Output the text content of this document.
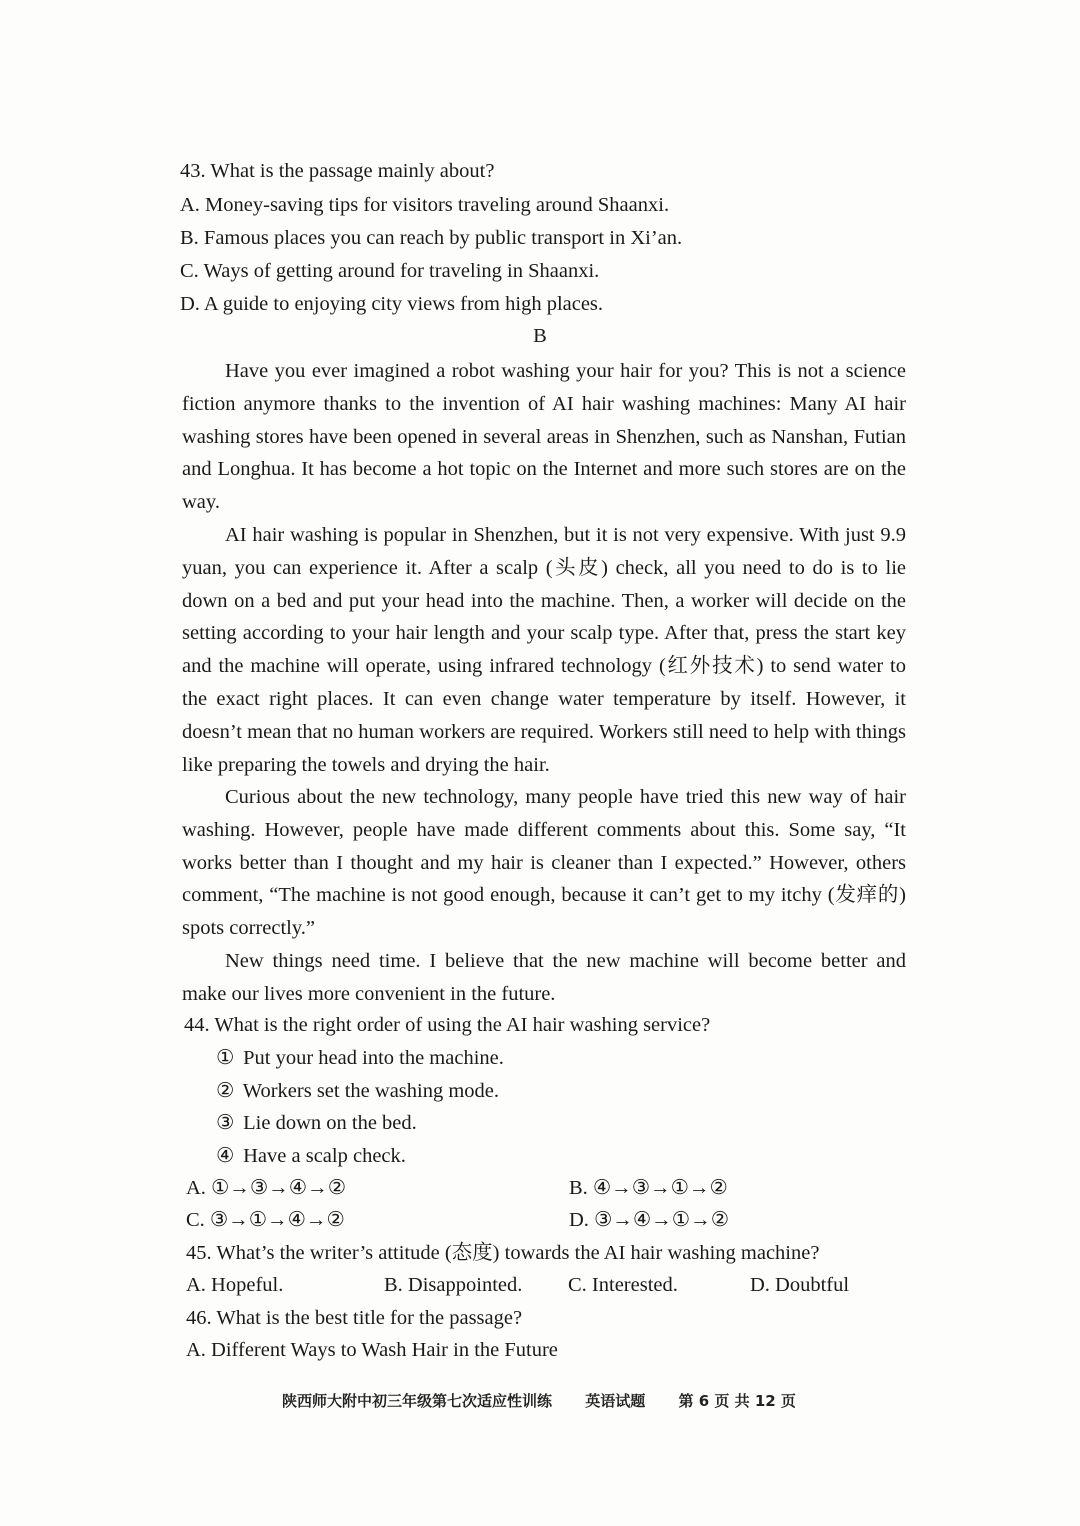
43. What is the passage mainly about?
A. Money-saving tips for visitors traveling around Shaanxi.
B. Famous places you can reach by public transport in Xi’an.
C. Ways of getting around for traveling in Shaanxi.
D. A guide to enjoying city views from high places.
B
Have you ever imagined a robot washing your hair for you? This is not a science fiction anymore thanks to the invention of AI hair washing machines: Many AI hair washing stores have been opened in several areas in Shenzhen, such as Nanshan, Futian and Longhua. It has become a hot topic on the Internet and more such stores are on the way.
AI hair washing is popular in Shenzhen, but it is not very expensive. With just 9.9 yuan, you can experience it. After a scalp (头皮) check, all you need to do is to lie down on a bed and put your head into the machine. Then, a worker will decide on the setting according to your hair length and your scalp type. After that, press the start key and the machine will operate, using infrared technology (红外技术) to send water to the exact right places. It can even change water temperature by itself. However, it doesn’t mean that no human workers are required. Workers still need to help with things like preparing the towels and drying the hair.
Curious about the new technology, many people have tried this new way of hair washing. However, people have made different comments about this. Some say, “It works better than I thought and my hair is cleaner than I expected.” However, others comment, “The machine is not good enough, because it can’t get to my itchy (发痒的) spots correctly.”
New things need time. I believe that the new machine will become better and make our lives more convenient in the future.
44. What is the right order of using the AI hair washing service?
① Put your head into the machine.
② Workers set the washing mode.
③ Lie down on the bed.
④ Have a scalp check.
A. ①→③→④→②	B. ④→③→①→②
C. ③→①→④→②	D. ③→④→①→②
45. What’s the writer’s attitude (态度) towards the AI hair washing machine?
A. Hopeful.	B. Disappointed. C. Interested.	D. Doubtful
46. What is the best title for the passage?
A. Different Ways to Wash Hair in the Future
陕西师大附中初三年级第七次适应性训练 英语试题 第 6 页 共 12 页
